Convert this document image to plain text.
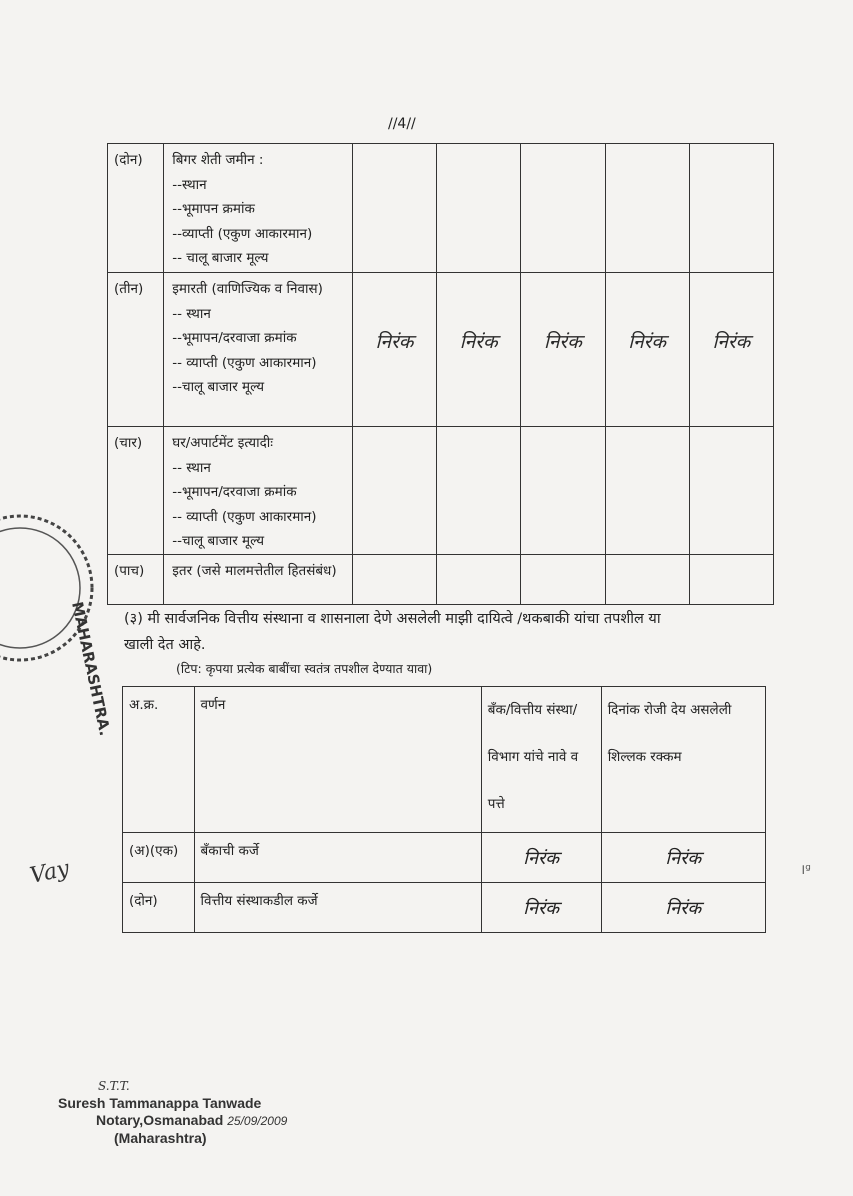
//4//
(दोन)	बिगर शेती जमीन :
--स्थान
--भूमापन क्रमांक
--व्याप्ती (एकुण आकारमान)
-- चालू बाजार मूल्य					

(तीन)	इमारती (वाणिज्यिक व निवास)
-- स्थान
--भूमापन/दरवाजा क्रमांक
-- व्याप्ती (एकुण आकारमान)
--चालू बाजार मूल्य	निरंक	निरंक	निरंक	निरंक	निरंक

(चार)	घर/अपार्टमेंट इत्यादीः
-- स्थान
--भूमापन/दरवाजा क्रमांक
-- व्याप्ती (एकुण आकारमान)
--चालू बाजार मूल्य					

(पाच)	इतर (जसे मालमत्तेतील हितसंबंध)					

(३) मी सार्वजनिक वित्तीय संस्थाना व शासनाला देणे असलेली माझी दायित्वे /थकबाकी यांचा तपशील या खाली देत आहे.
(टिप: कृपया प्रत्येक बाबींचा स्वतंत्र तपशील देण्यात यावा)
अ.क्र.	वर्णन	बँक/वित्तीय संस्था/ विभाग यांचे नावे व पत्ते	दिनांक रोजी देय असलेली शिल्लक रक्कम
(अ)(एक)	बँकाची कर्जे	निरंक	निरंक

(दोन)	वित्तीय संस्थाकडील कर्जे	निरंक	निरंक
MAHARASHTRA.
Vay	।ᵍ
S.T.T.
Suresh Tammanappa Tanwade
Notary,Osmanabad 25/09/2009
(Maharashtra)
